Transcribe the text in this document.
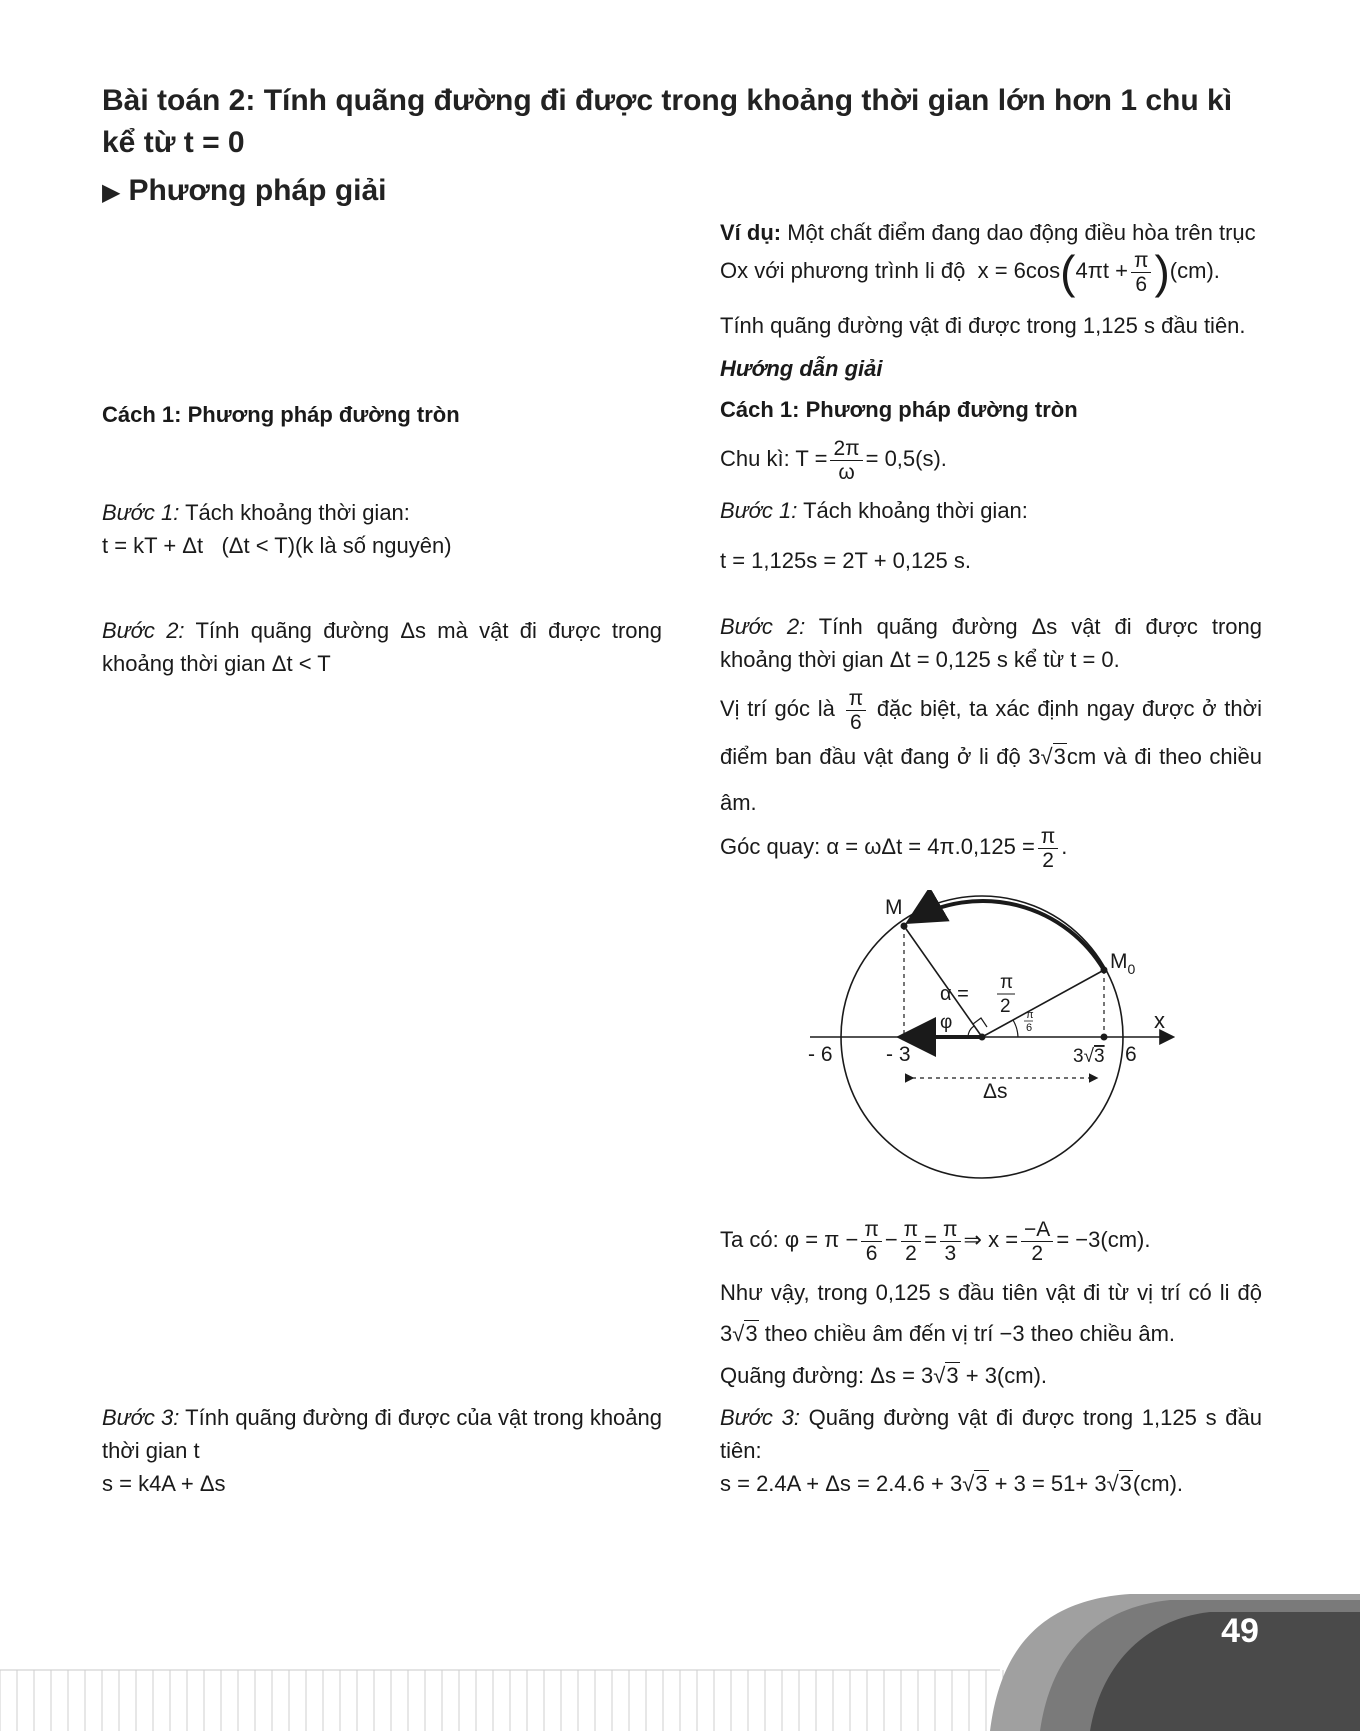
Bài toán 2: Tính quãng đường đi được trong khoảng thời gian lớn hơn 1 chu kì kể từ t = 0
▶ Phương pháp giải
Cách 1: Phương pháp đường tròn
Bước 1: Tách khoảng thời gian:
t = kT + Δt   (Δt < T)(k là số nguyên)
Bước 2: Tính quãng đường Δs mà vật đi được trong khoảng thời gian Δt < T
Bước 3: Tính quãng đường đi được của vật trong khoảng thời gian t
s = k4A + Δs
Ví dụ: Một chất điểm đang dao động điều hòa trên trục
Ox với phương trình li độ $x = 6\cos(4\pi t + \frac{\pi}{6} )(cm)$.
Tính quãng đường vật đi được trong 1,125 s đầu tiên.
Hướng dẫn giải
Cách 1: Phương pháp đường tròn
Chu kì: $T = \frac{2\pi}{\omega} = 0,5(s)$.
Bước 1: Tách khoảng thời gian:
t = 1,125s = 2T + 0,125 s.
Bước 2: Tính quãng đường Δs vật đi được trong khoảng thời gian Δt = 0,125 s kể từ t = 0.
Vị trí góc là $\frac{\pi}{6}$ đặc biệt, ta xác định ngay được ở thời điểm ban đầu vật đang ở li độ 3√3cm và đi theo chiều âm.
Góc quay: $\alpha = \omega\Delta t = 4\pi.0,125 = \frac{\pi}{2}$ .
M
$M_0$
x
- 6	- 3	3√3 6
Δs
α =
π
2
φ	π
6
Ta có: $\varphi = \pi - \frac{\pi}{6} - \frac{\pi}{2} = \frac{\pi}{3}$ ⇒ $x = \frac{-A}{2} = -3(cm)$.
Như vậy, trong 0,125 s đầu tiên vật đi từ vị trí có li độ 3√3 theo chiều âm đến vị trí −3 theo chiều âm.
Quãng đường: Δs = 3√3 + 3(cm).
Bước 3: Quãng đường vật đi được trong 1,125 s đầu tiên:
s = 2.4A + Δs = 2.4.6 + 3√3 + 3 = 51+ 3√3(cm).
49
